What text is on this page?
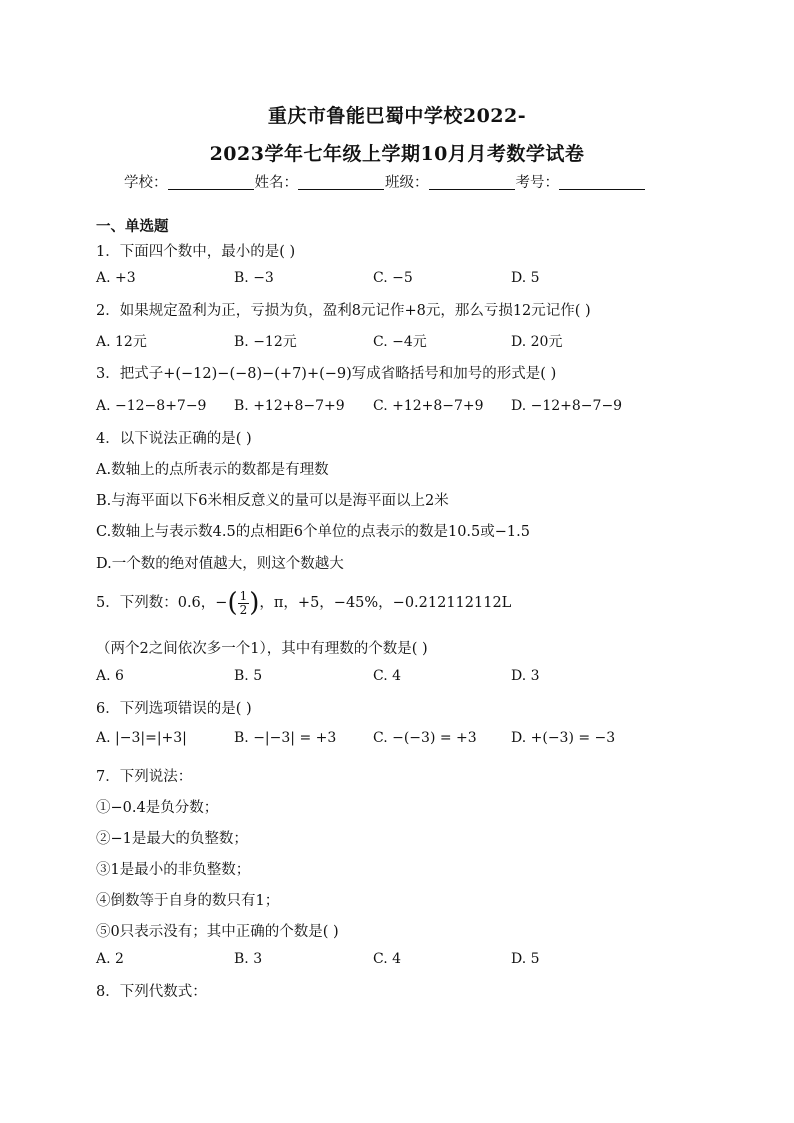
重庆市鲁能巴蜀中学校2022-
2023学年七年级上学期10月月考数学试卷
学校：	姓名：	班级：	考号：
一、单选题
1．下面四个数中，最小的是( )
A. +3	B. −3	C. −5	D. 5
2．如果规定盈利为正，亏损为负，盈利8元记作+8元，那么亏损12元记作( )
A. 12元	B. −12元	C. −4元	D. 20元
3．把式子+(−12)−(−8)−(+7)+(−9)写成省略括号和加号的形式是( )
A. −12−8+7−9 B. +12+8−7+9 C. +12+8−7+9 D. −12+8−7−9
4．以下说法正确的是( )
A.数轴上的点所表示的数都是有理数
B.与海平面以下6米相反意义的量可以是海平面以上2米
C.数轴上与表示数4.5的点相距6个单位的点表示的数是10.5或−1.5
D.一个数的绝对值越大，则这个数越大
5．下列数：0.6，−( $\frac{1}{2}$ )，π，+5，−45%，−0.212112112L
（两个2之间依次多一个1），其中有理数的个数是( )
A. 6	B. 5	C. 4	D. 3
6．下列选项错误的是( )
A. |−3|=|+3|	B. −|−3| = +3	C. −(−3) = +3 D. +(−3) = −3
7．下列说法：
①−0.4是负分数；
②−1是最大的负整数；
③1是最小的非负整数；
④倒数等于自身的数只有1；
⑤0只表示没有；其中正确的个数是( )
A. 2	B. 3	C. 4	D. 5
8．下列代数式：
